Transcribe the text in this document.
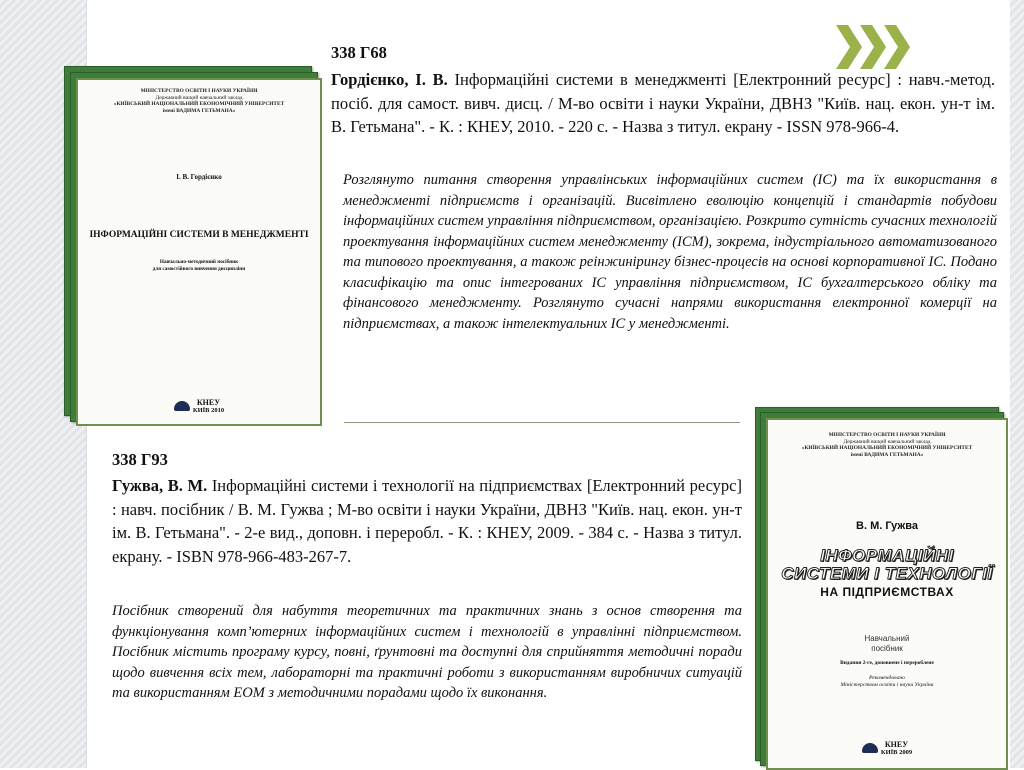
МІНІСТЕРСТВО ОСВІТИ І НАУКИ УКРАЇНИ
Державний вищий навчальний заклад
«КИЇВСЬКИЙ НАЦІОНАЛЬНИЙ ЕКОНОМІЧНИЙ УНІВЕРСИТЕТ
імені ВАДИМА ГЕТЬМАНА»
І. В. Гордієнко
ІНФОРМАЦІЙНІ СИСТЕМИ В МЕНЕДЖМЕНТІ
Навчально-методичний посібник
для самостійного вивчення дисципліни
КНЕУ
КИЇВ 2010
338 Г68
Гордієнко, І. В. Інформаційні системи в менеджменті [Електронний ресурс] : навч.-метод. посіб. для самост. вивч. дисц. / М-во освіти і науки України, ДВНЗ "Київ. нац. екон. ун-т ім. В. Гетьмана". - К. : КНЕУ, 2010. - 220 с. - Назва з титул. екрану - ISSN 978-966-4.
Розглянуто питання створення управлінських інформаційних систем (ІС) та їх використання в менеджменті підприємств і організацій. Висвітлено еволюцію концепцій і стандартів побудови інформаційних систем управління підприємством, організацією. Розкрито сутність сучасних технологій проектування інформаційних систем менеджменту (ІСМ), зокрема, індустріального автоматизованого та типового проектування, а також реінжинірингу бізнес-процесів на основі корпоративної ІС. Подано класифікацію та опис інтегрованих ІС управління підприємством, ІС бухгалтерського обліку та фінансового менеджменту. Розглянуто сучасні напрями використання електронної комерції на підприємствах, а також інтелектуальних ІС у менеджменті.
338 Г93
Гужва, В. М. Інформаційні системи і технології на підприємствах [Електронний ресурс] : навч. посібник / В. М. Гужва ; М-во освіти і науки України, ДВНЗ "Київ. нац. екон. ун-т ім. В. Гетьмана". - 2-е вид., доповн. і переробл. - К. : КНЕУ, 2009. - 384 с. - Назва з титул. екрану. - ISBN 978-966-483-267-7.
Посібник створений для набуття теоретичних та практичних знань з основ створення та функціонування комп’ютерних інформаційних систем і технологій в управлінні підприємством. Посібник містить програму курсу, повні, ґрунтовні та доступні для сприйняття методичні поради щодо вивчення всіх тем, лабораторні та практичні роботи з використанням виробничих ситуацій та використанням ЕОМ з методичними порадами щодо їх виконання.
МІНІСТЕРСТВО ОСВІТИ І НАУКИ УКРАЇНИ
Державний вищий навчальний заклад
«КИЇВСЬКИЙ НАЦІОНАЛЬНИЙ ЕКОНОМІЧНИЙ УНІВЕРСИТЕТ
імені ВАДИМА ГЕТЬМАНА»
В. М. Гужва
ІНФОРМАЦІЙНІ
СИСТЕМИ І ТЕХНОЛОГІЇ
НА ПІДПРИЄМСТВАХ
Навчальний
посібник
Видання 2-ге, доповнене і перероблене
Рекомендовано
Міністерством освіти і науки України
КНЕУ
КИЇВ 2009
